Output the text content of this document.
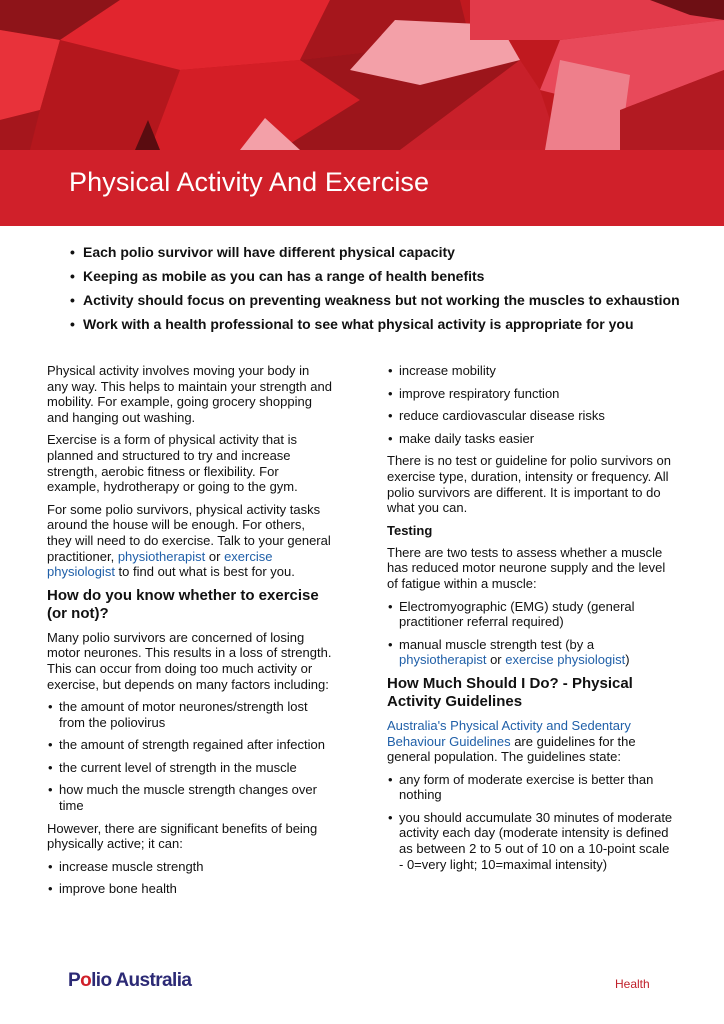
Physical Activity And Exercise
• Each polio survivor will have different physical capacity
• Keeping as mobile as you can has a range of health benefits
• Activity should focus on preventing weakness but not working the muscles to exhaustion
• Work with a health professional to see what physical activity is appropriate for you

Physical activity involves moving your body in any way. This helps to maintain your strength and mobility. For example, going grocery shopping and hanging out washing.

Exercise is a form of physical activity that is planned and structured to try and increase strength, aerobic fitness or flexibility. For example, hydrotherapy or going to the gym.

For some polio survivors, physical activity tasks around the house will be enough. For others, they will need to do exercise. Talk to your general practitioner, physiotherapist or exercise physiologist to find out what is best for you.

How do you know whether to exercise (or not)?

Many polio survivors are concerned of losing motor neurones. This results in a loss of strength. This can occur from doing too much activity or exercise, but depends on many factors including:

• the amount of motor neurones/strength lost from the poliovirus
• the amount of strength regained after infection
• the current level of strength in the muscle
• how much the muscle strength changes over time

However, there are significant benefits of being physically active; it can:

• increase muscle strength
• improve bone health
• increase mobility
• improve respiratory function
• reduce cardiovascular disease risks
• make daily tasks easier

There is no test or guideline for polio survivors on exercise type, duration, intensity or frequency. All polio survivors are different. It is important to do what you can.

Testing

There are two tests to assess whether a muscle has reduced motor neurone supply and the level of fatigue within a muscle:

• Electromyographic (EMG) study (general practitioner referral required)
• manual muscle strength test (by a physiotherapist or exercise physiologist)
How Much Should I Do? - Physical Activity Guidelines

Australia's Physical Activity and Sedentary Behaviour Guidelines are guidelines for the general population. The guidelines state:

• any form of moderate exercise is better than nothing
• you should accumulate 30 minutes of moderate activity each day (moderate intensity is defined as between 2 to 5 out of 10 on a 10-point scale - 0=very light; 10=maximal intensity)
Polio Australia	Health
